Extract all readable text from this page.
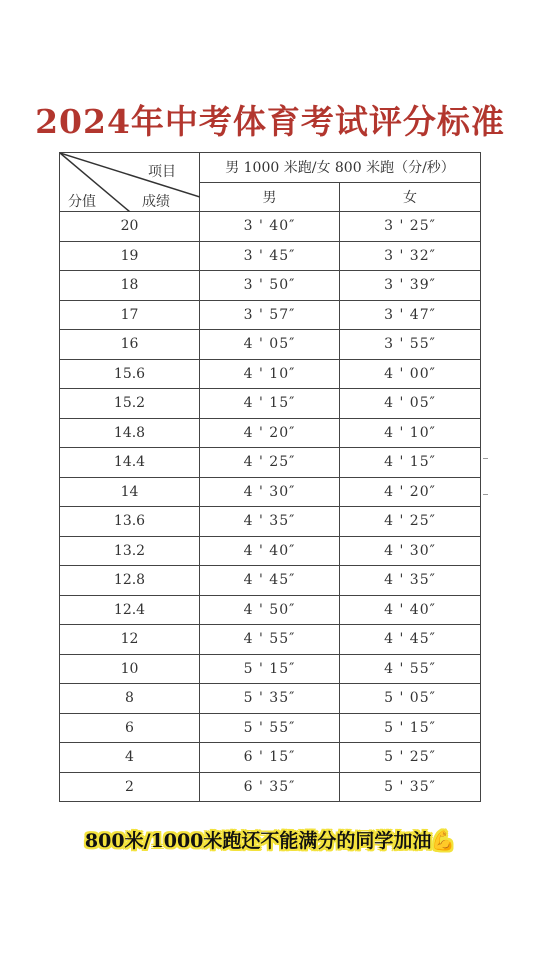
2024年中考体育考试评分标准
项目
分值 成绩	男 1000 米跑/女 800 米跑（分/秒）	
	男	女
20	3 ' 40″	3 ' 25″
19	3 ' 45″	3 ' 32″
18	3 ' 50″	3 ' 39″
17	3 ' 57″	3 ' 47″
16	4 ' 05″	3 ' 55″
15.6	4 ' 10″	4 ' 00″
15.2	4 ' 15″	4 ' 05″
14.8	4 ' 20″	4 ' 10″
14.4	4 ' 25″	4 ' 15″
14	4 ' 30″	4 ' 20″
13.6	4 ' 35″	4 ' 25″
13.2	4 ' 40″	4 ' 30″
12.8	4 ' 45″	4 ' 35″
12.4	4 ' 50″	4 ' 40″
12	4 ' 55″	4 ' 45″
10	5 ' 15″	4 ' 55″
8	5 ' 35″	5 ' 05″
6	5 ' 55″	5 ' 15″
4	6 ' 15″	5 ' 25″
2	6 ' 35″	5 ' 35″
800米/1000米跑还不能满分的同学加油💪
